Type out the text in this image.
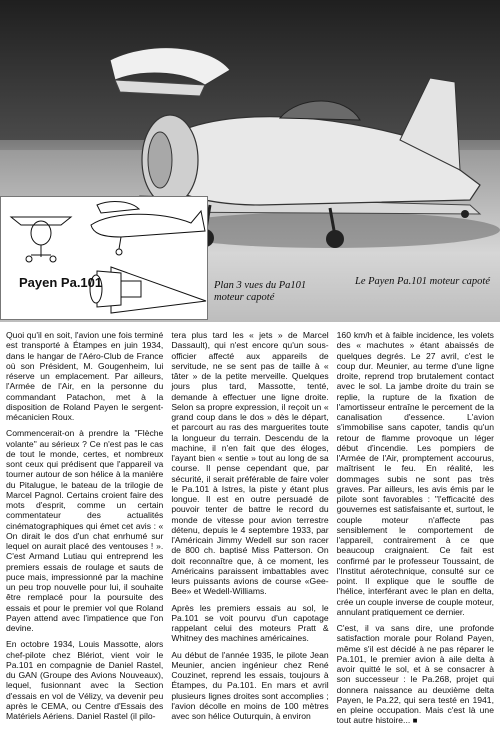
Le Payen Pa.101 moteur capoté
Payen Pa.101	Plan 3 vues du Pa101
moteur capoté

Quoi qu'il en soit, l'avion une fois terminé est transporté à Étampes en juin 1934, dans le hangar de l'Aéro-Club de France où son Président, M. Gougenheim, lui réserve un emplacement. Par ailleurs, l'Armée de l'Air, en la personne du commandant Patachon, met à la disposition de Roland Payen le sergent-mécanicien Roux.

Commencerait-on à prendre la "Flèche volante" au sérieux ? Ce n'est pas le cas de tout le monde, certes, et nombreux sont ceux qui prédisent que l'appareil va tourner autour de son hélice à la manière du Pitalugue, le bateau de la trilogie de Marcel Pagnol. Certains croient faire des mots d'esprit, comme un certain commentateur des actualités cinématographiques qui émet cet avis : « On dirait le dos d'un chat enrhumé sur lequel on aurait placé des ventouses ! ». C'est Armand Lutiau qui entreprend les premiers essais de roulage et sauts de puce mais, impressionné par la machine un peu trop nouvelle pour lui, il souhaite être remplacé pour la poursuite des essais et pour le premier vol que Roland Payen attend avec l'impatience que l'on devine.

En octobre 1934, Louis Massotte, alors chef-pilote chez Blériot, vient voir le Pa.101 en compagnie de Daniel Rastel, du GAN (Groupe des Avions Nouveaux), lequel, fusionnant avec la Section d'essais en vol de Vélizy, va devenir peu après le CEMA, ou Centre d'Essais des Matériels Aériens. Daniel Rastel (il pilo-

tera plus tard les « jets » de Marcel Dassault), qui n'est encore qu'un sous-officier affecté aux appareils de servitude, ne se sent pas de taille à « tâter » de la petite merveille. Quelques jours plus tard, Massotte, tenté, demande à effectuer une ligne droite. Selon sa propre expression, il reçoit un « grand coup dans le dos » dès le départ, et parcourt au ras des marguerites toute la longueur du terrain. Descendu de la machine, il n'en fait que des éloges, l'ayant bien « sentie » tout au long de sa course. Il pense cependant que, par sécurité, il serait préférable de faire voler le Pa.101 à Istres, la piste y étant plus longue. Il est en outre persuadé de pouvoir tenter de battre le record du monde de vitesse pour avion terrestre détenu, depuis le 4 septembre 1933, par l'Américain Jimmy Wedell sur son racer de 800 ch. baptisé Miss Patterson. On doit reconnaître que, à ce moment, les Américains paraissent imbattables avec leurs puissants avions de course «Gee-Bee» et Wedell-Williams.

Après les premiers essais au sol, le Pa.101 se voit pourvu d'un capotage rappelant celui des moteurs Pratt & Whitney des machines américaines.

Au début de l'année 1935, le pilote Jean Meunier, ancien ingénieur chez René Couzinet, reprend les essais, toujours à Étampes, du Pa.101. En mars et avril plusieurs lignes droites sont accomplies ; l'avion décolle en moins de 100 mètres avec son hélice Outurquin, à environ

160 km/h et à faible incidence, les volets des « machutes » étant abaissés de quelques degrés. Le 27 avril, c'est le coup dur. Meunier, au terme d'une ligne droite, reprend trop brutalement contact avec le sol. La jambe droite du train se replie, la rupture de la fixation de l'amortisseur entraîne le percement de la canalisation d'essence. L'avion s'immobilise sans capoter, tandis qu'un retour de flamme provoque un léger début d'incendie. Les pompiers de l'Armée de l'Air, promptement accourus, maîtrisent le feu. En réalité, les dommages subis ne sont pas très graves. Par ailleurs, les avis émis par le pilote sont favorables : "l'efficacité des gouvernes est satisfaisante et, surtout, le couple moteur n'affecte pas sensiblement le comportement de l'appareil, contrairement à ce que beaucoup craignaient. Ce fait est confirmé par le professeur Toussaint, de l'Institut aérotechnique, consulté sur ce point. Il explique que le souffle de l'hélice, interférant avec le plan en delta, crée un couple inverse de couple moteur, annulant pratiquement ce dernier.

C'est, il va sans dire, une profonde satisfaction morale pour Roland Payen, même s'il est décidé à ne pas réparer le Pa.101, le premier avion à aile delta à avoir quitté le sol, et à se consacrer à son successeur : le Pa.268, projet qui donnera naissance au deuxième delta Payen, le Pa.22, qui sera testé en 1941, en pleine occupation. Mais c'est là une tout autre histoire... ■
